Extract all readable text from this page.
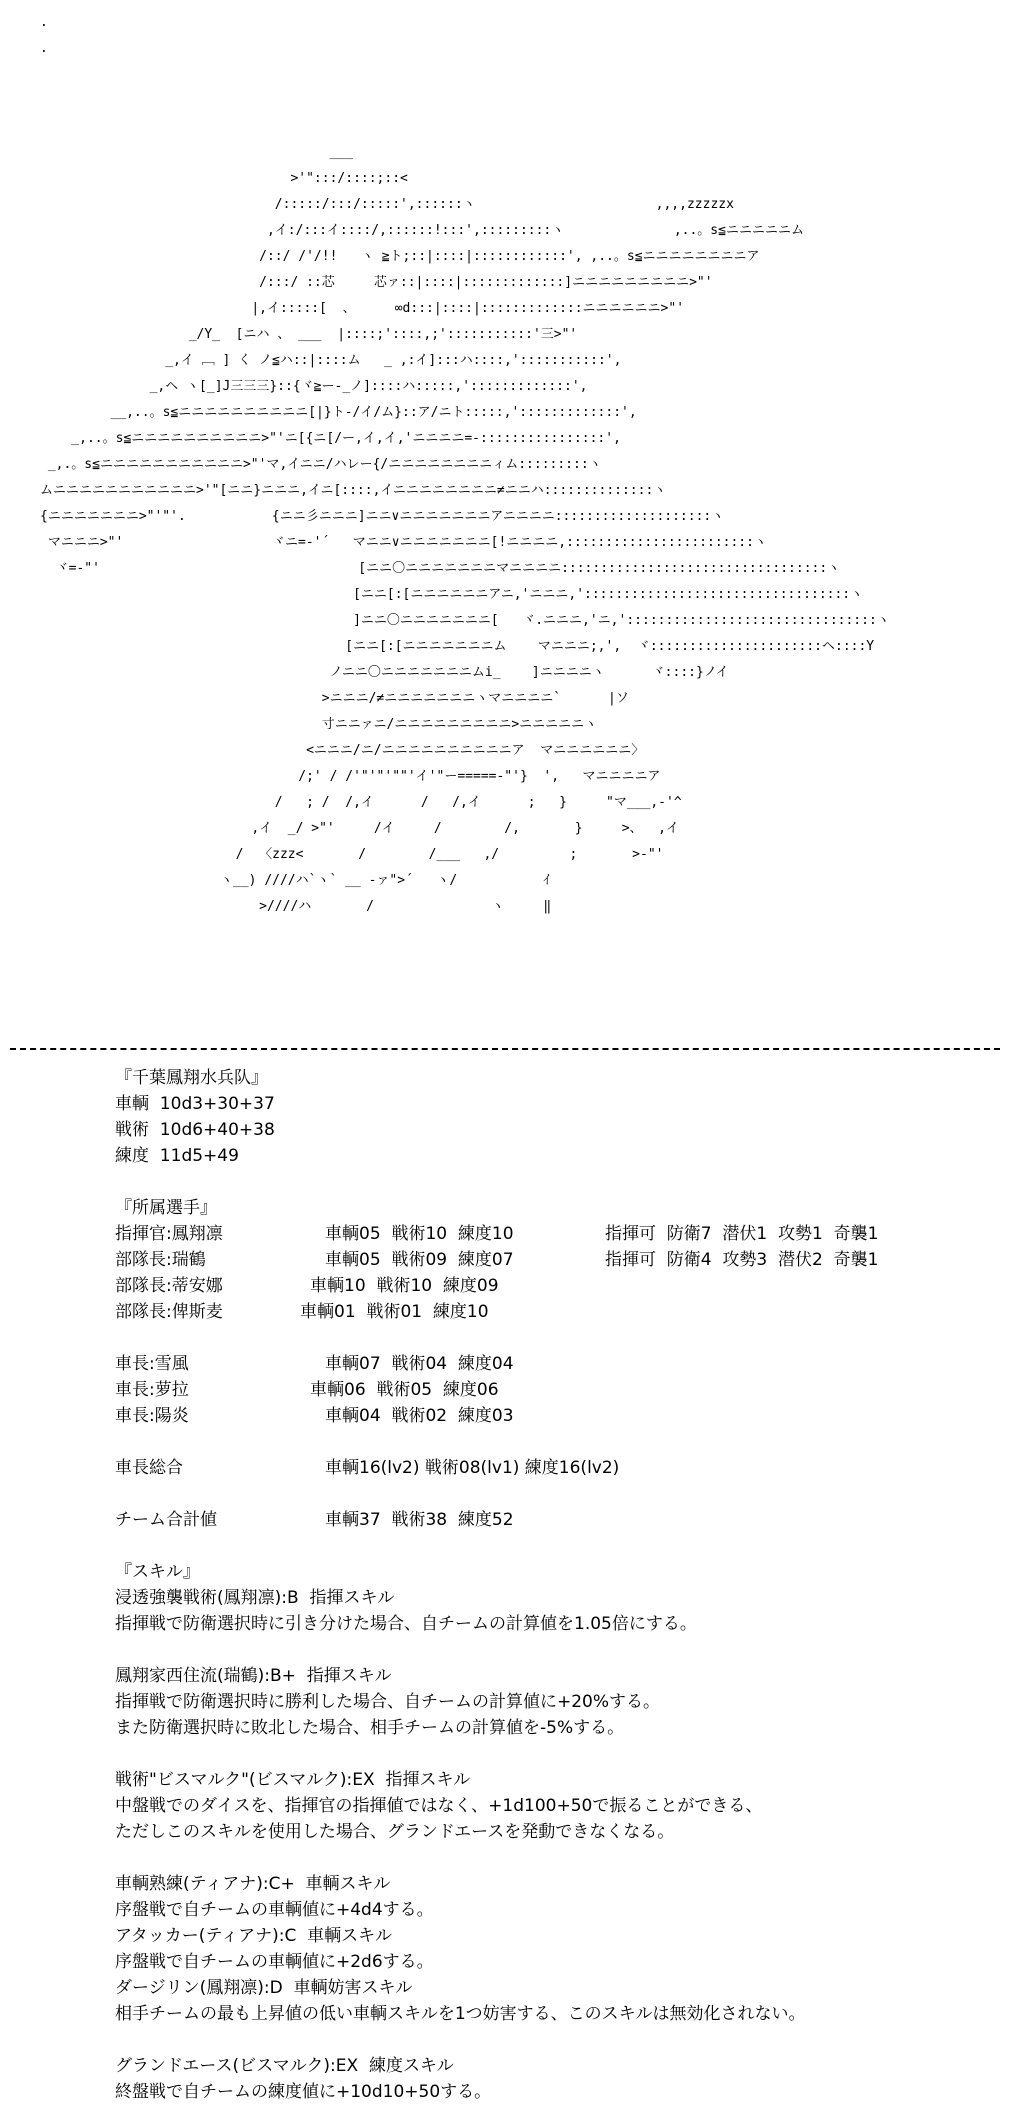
.
.

___
>'":::/::::;::<
/:::::/:::/:::::',::::::ヽ                       ,,,,zzzzzx
,イ:/:::イ::::/,::::::!:::',:::::::::ヽ              ,..。s≦ニニニニニム
/::/ /'/!!   ヽ ≧ト;::|::::|::::::::::::', ,..。s≦ニニニニニニニニア
/:::/ ::芯     芯ァ::|::::|:::::::::::::]ニニニニニニニニニ>"'
|,イ:::::[  、     ∞d:::|::::|:::::::::::::ニニニニニニ>"'
_/Y_  [ニハ 、 ___  |::::;'::::,;':::::::::::'三>"'
_,イ ﹇ ] く ノ≦ハ::|::::ム   _ ,:イ]:::ハ::::,':::::::::::',
_,ヘ ヽ[_]J三三三}::{ヾ≧ー-_ノ]::::ハ:::::,':::::::::::::',
__,..。s≦ニニニニニニニニニニ[|}ト-/イ/ム}::ア/ニト:::::,':::::::::::::',
_,..。s≦ニニニニニニニニニニ>"'ニ[{ニ[/ー,イ,イ,'ニニニニ=-::::::::::::::::',
_,.。s≦ニニニニニニニニニニニ>"'マ,イニニ/ハレー{/ニニニニニニニニィム:::::::::ヽ
ムニニニニニニニニニニニ>'"[ニニ}ニニニ,イニ[::::,イニニニニニニニニ≠ニニハ::::::::::::::ヽ
{ニニニニニニニ>"'"'.           {ニニ彡ニニニ]ニニ∨ニニニニニニニアニニニニ::::::::::::::::::::ヽ
マニニニ>"'                   ヾニ=-'´   マニニ∨ニニニニニニニ[!ニニニニ,::::::::::::::::::::::::ヽ
ヾ=-"'                                 [ニニ〇ニニニニニニニマニニニニ::::::::::::::::::::::::::::::::::ヽ
[ニニ[:[ニニニニニニアニ,'ニニニ,'::::::::::::::::::::::::::::::::::ヽ
]ニニ〇ニニニニニニニ[   ヾ.ニニニ,'ニ,'::::::::::::::::::::::::::::::::ヽ
[ニニ[:[ニニニニニニニム    マニニニ;,',  ヾ::::::::::::::::::::::ヘ::::Y
ノニニ〇ニニニニニニニムi_    ]ニニニニヽ      ヾ::::}ノイ
>ニニニ/≠ニニニニニニニヽマニニニニ`      |ソ
寸ニニァニ/ニニニニニニニニニ>ニニニニニヽ
<ニニニ/ニ/ニニニニニニニニニニア  マニニニニニニ〉
/;' / /'"'"'""'イ'"ー=====-"'}  ',   マニニニニア
/   ; /  /,イ      /   /,イ      ;   }     "マ___,-'^
,イ  _/ >"'     /イ     /        /,       }     >、  ,イ
/  〈zzz<       /        /___   ,/         ;       >-"'
ヽ__) ////ハ`ヽ` __ -ァ">´   ヽ/           ｲ
>////ハ       /               ヽ     ‖
『千葉鳳翔水兵队』
車輌  10d3+30+37
戦術  10d6+40+38
練度  11d5+49
『所属選手』
指揮官:鳳翔凛	車輌05  戦術10  練度10	指揮可  防衛7  潜伏1  攻勢1  奇襲1
部隊長:瑞鶴	車輌05  戦術09  練度07	指揮可  防衛4  攻勢3  潜伏2  奇襲1
部隊長:蒂安娜	車輌10  戦術10  練度09
部隊長:俾斯麦	車輌01  戦術01  練度10
車長:雪風	車輌07  戦術04  練度04
車長:萝拉	車輌06  戦術05  練度06
車長:陽炎	車輌04  戦術02  練度03
車長総合	車輌16(lv2) 戦術08(lv1) 練度16(lv2)
チーム合計値	車輌37  戦術38  練度52
『スキル』
浸透強襲戦術(鳳翔凛):B  指揮スキル
指揮戦で防衛選択時に引き分けた場合、自チームの計算値を1.05倍にする。
鳳翔家西住流(瑞鶴):B+  指揮スキル
指揮戦で防衛選択時に勝利した場合、自チームの計算値に+20%する。
また防衛選択時に敗北した場合、相手チームの計算値を-5%する。
戦術"ビスマルク"(ビスマルク):EX  指揮スキル
中盤戦でのダイスを、指揮官の指揮値ではなく、+1d100+50で振ることができる、
ただしこのスキルを使用した場合、グランドエースを発動できなくなる。
車輌熟練(ティアナ):C+  車輌スキル
序盤戦で自チームの車輌値に+4d4する。
アタッカー(ティアナ):C  車輌スキル
序盤戦で自チームの車輌値に+2d6する。
ダージリン(鳳翔凛):D  車輌妨害スキル
相手チームの最も上昇値の低い車輌スキルを1つ妨害する、このスキルは無効化されない。
グランドエース(ビスマルク):EX  練度スキル
終盤戦で自チームの練度値に+10d10+50する。
